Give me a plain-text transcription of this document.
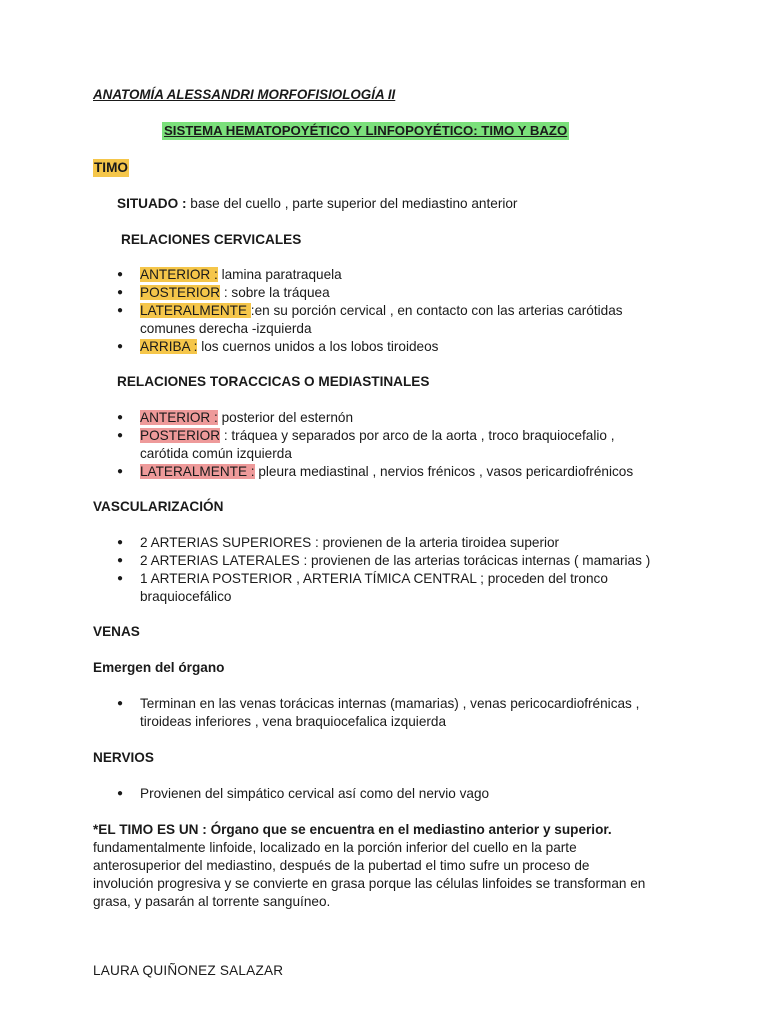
ANATOMÍA ALESSANDRI MORFOFISIOLOGÍA II
SISTEMA HEMATOPOYÉTICO Y LINFOPOYÉTICO: TIMO Y BAZO
TIMO
SITUADO : base del cuello , parte superior del mediastino anterior
RELACIONES CERVICALES
● ANTERIOR : lamina paratraquela
● POSTERIOR : sobre la tráquea
● LATERALMENTE :en su porción cervical , en contacto con las arterias carótidas
comunes derecha -izquierda
● ARRIBA : los cuernos unidos a los lobos tiroideos
RELACIONES TORACCICAS O MEDIASTINALES
● ANTERIOR : posterior del esternón
● POSTERIOR : tráquea y separados por arco de la aorta , troco braquiocefalio ,
carótida común izquierda
● LATERALMENTE : pleura mediastinal , nervios frénicos , vasos pericardiofrénicos
VASCULARIZACIÓN
● 2 ARTERIAS SUPERIORES : provienen de la arteria tiroidea superior
● 2 ARTERIAS LATERALES : provienen de las arterias torácicas internas ( mamarias )
● 1 ARTERIA POSTERIOR , ARTERIA TÍMICA CENTRAL ; proceden del tronco
braquiocefálico
VENAS
Emergen del órgano
● Terminan en las venas torácicas internas (mamarias) , venas pericocardiofrénicas ,
tiroideas inferiores , vena braquiocefalica izquierda
NERVIOS
● Provienen del simpático cervical así como del nervio vago
*EL TIMO ES UN : Órgano que se encuentra en el mediastino anterior y superior.
fundamentalmente linfoide, localizado en la porción inferior del cuello en la parte
anterosuperior del mediastino, después de la pubertad el timo sufre un proceso de
involución progresiva y se convierte en grasa porque las células linfoides se transforman en
grasa, y pasarán al torrente sanguíneo.
LAURA QUIÑONEZ SALAZAR
